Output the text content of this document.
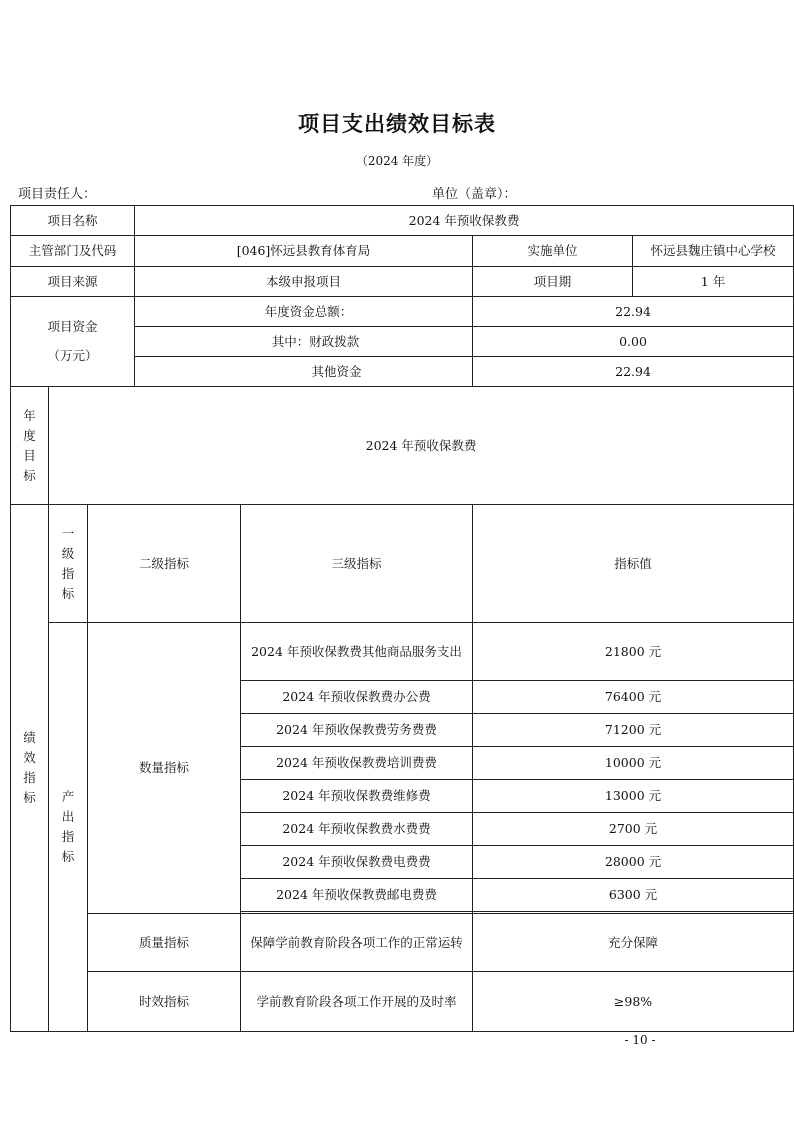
项目支出绩效目标表
（2024 年度）
项目责任人：	单位（盖章）：
项目名称			2024 年预收保教费			
主管部门及代码			[046]怀远县教育体育局		实施单位	怀远县魏庄镇中心学校
项目来源			本级申报项目		项目期	1 年

项目资金
（万元）			年度资金总额：		22.94	
			其中：财政拨款		0.00	
			其他资金		22.94	

年
度
目
标	2024 年预收保教费					

绩
效
指
标	一
级
指
标	二级指标		三级指标	指标值	

	产
出
指
标	数量指标		2024 年预收保教费其他商品服务支出	21800 元	
				2024 年预收保教费办公费	76400 元	
				2024 年预收保教费劳务费费	71200 元	
				2024 年预收保教费培训费费	10000 元	
				2024 年预收保教费维修费	13000 元	
				2024 年预收保教费水费费	2700 元	
				2024 年预收保教费电费费	28000 元	
				2024 年预收保教费邮电费费	6300 元	

		质量指标		保障学前教育阶段各项工作的正常运转	充分保障	
		时效指标		学前教育阶段各项工作开展的及时率	≥98%	
- 10 -
